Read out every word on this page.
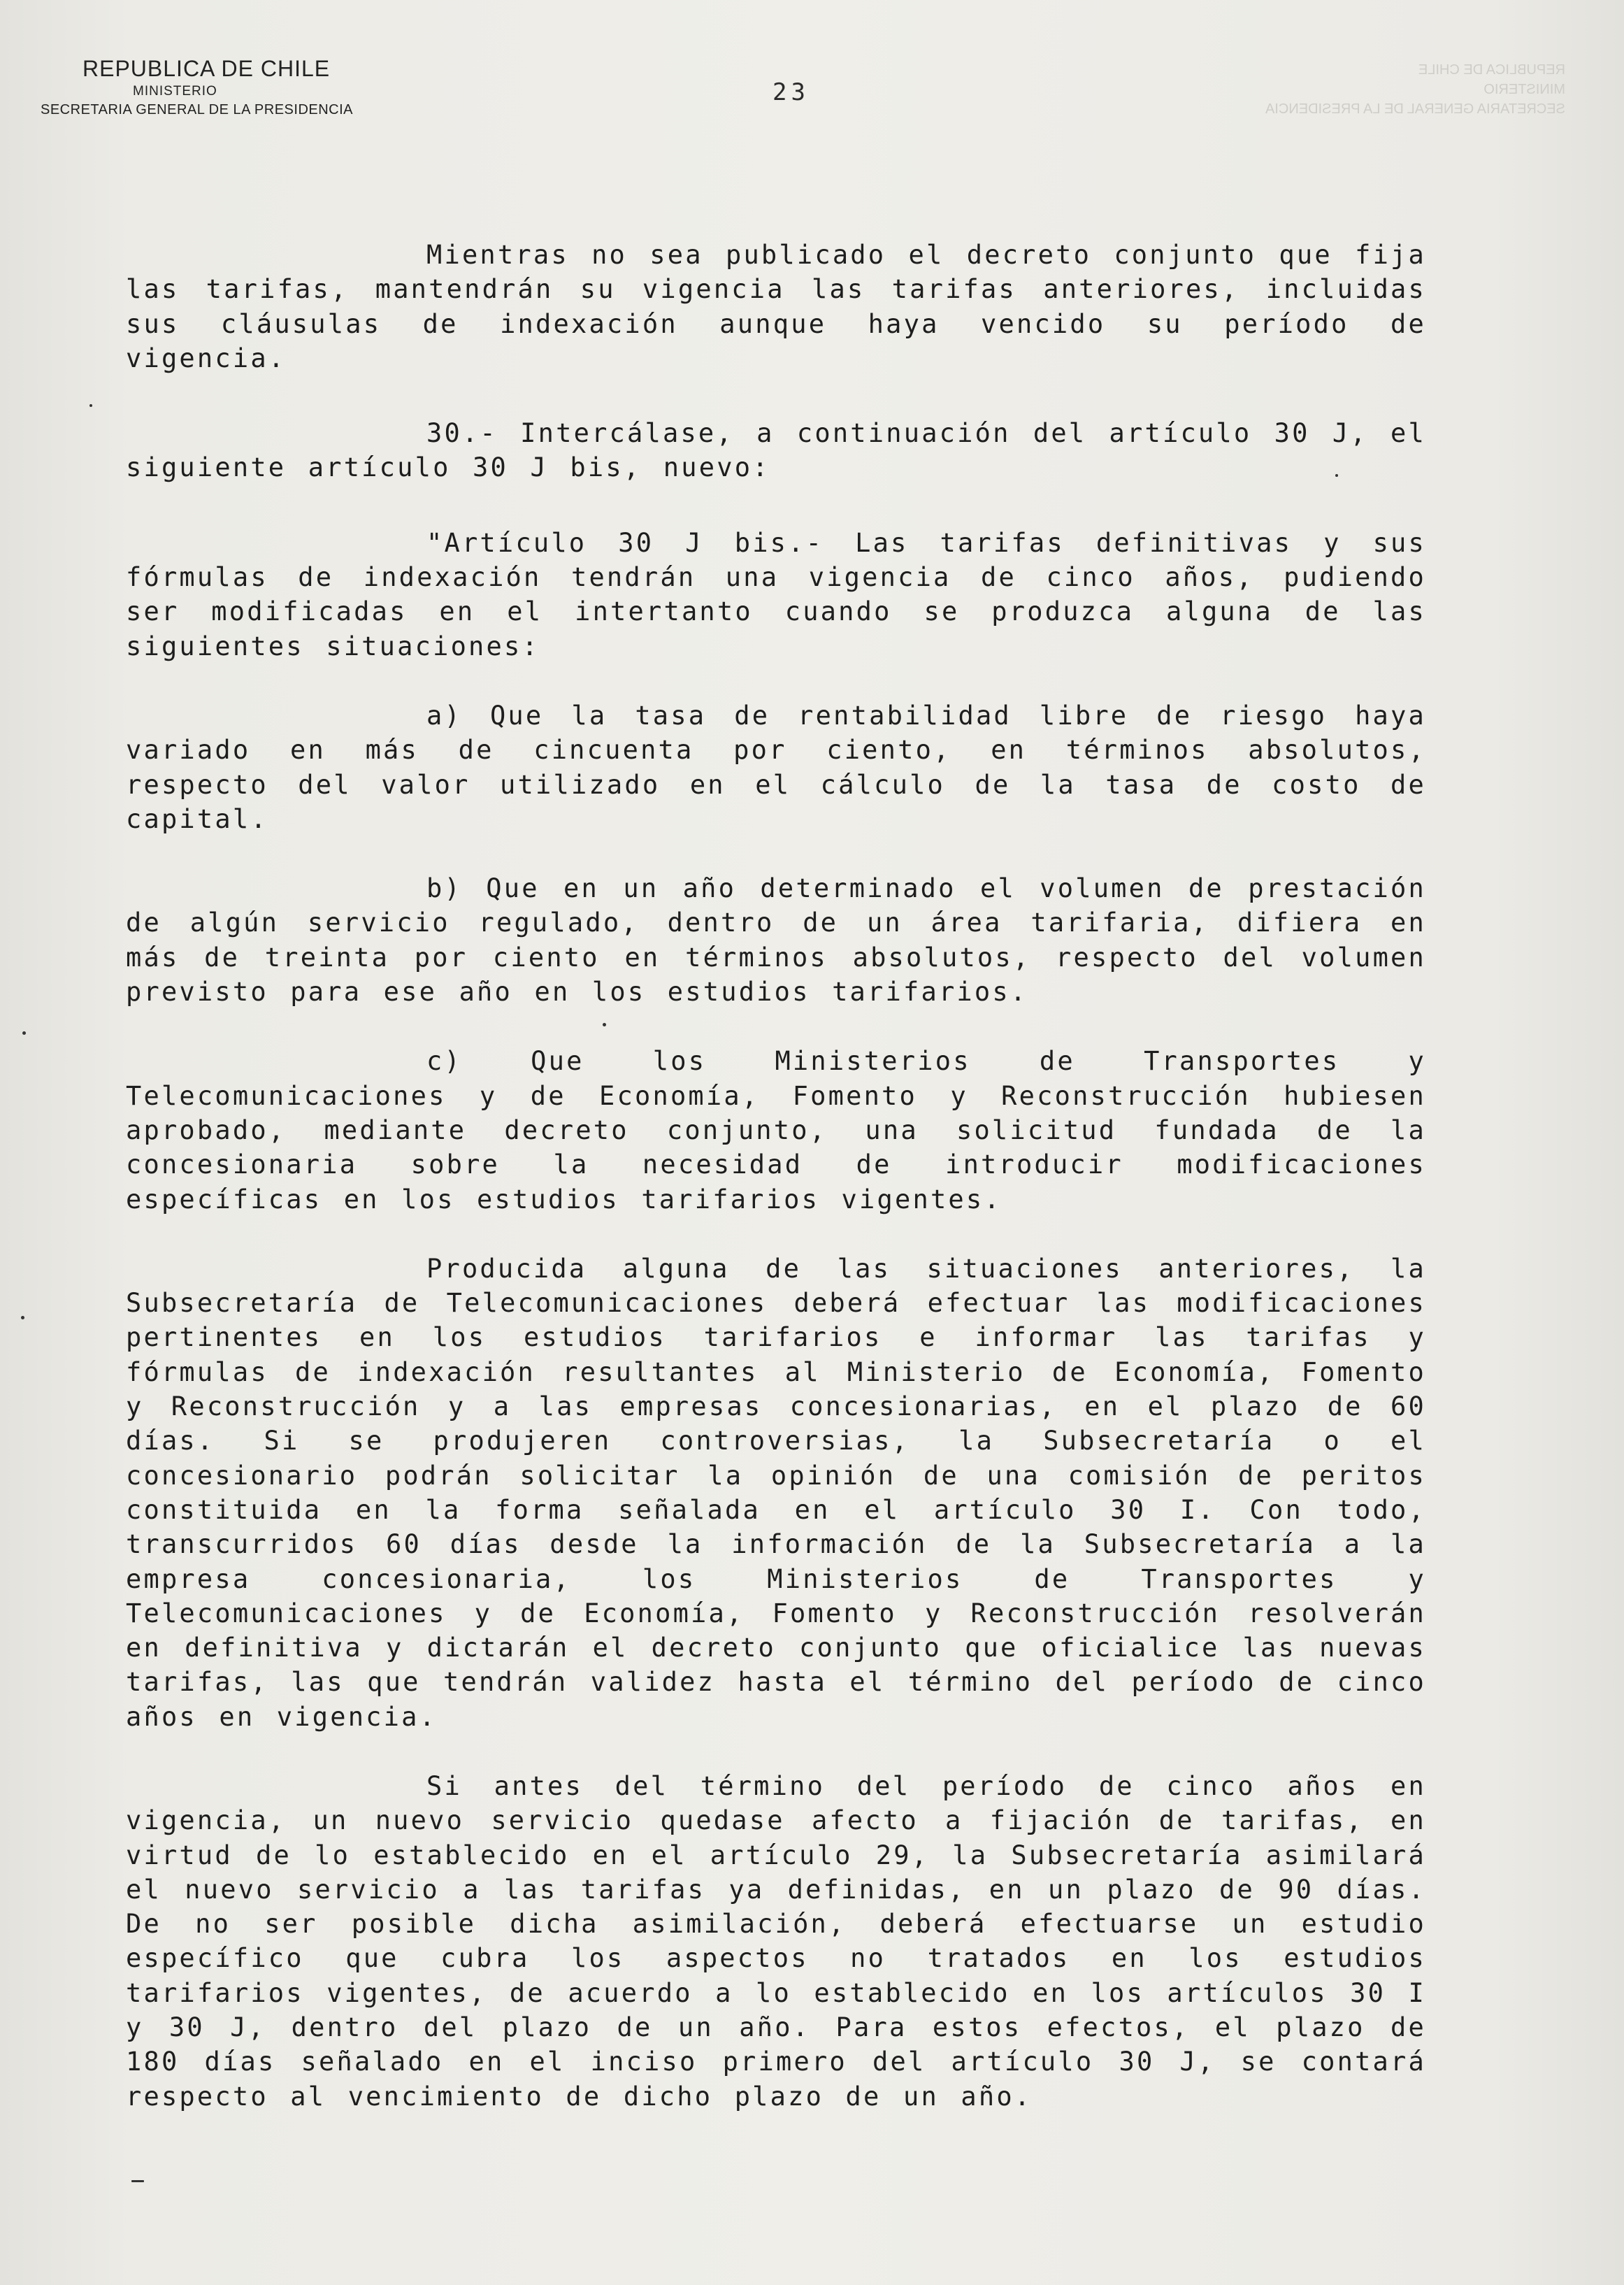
REPUBLICA DE CHILE
MINISTERIO
SECRETARIA GENERAL DE LA PRESIDENCIA
REPUBLICA DE CHILE
MINISTERIO
SECRETARIA GENERAL DE LA PRESIDENCIA
23

Mientras no sea publicado el decreto conjunto que fija las tarifas, mantendrán su vigencia las tarifas anteriores, incluidas sus cláusulas de indexación aunque haya vencido su período de vigencia.

30.- Intercálase, a continuación del artículo 30 J, el siguiente artículo 30 J bis, nuevo:

"Artículo 30 J bis.- Las tarifas definitivas y sus fórmulas de indexación tendrán una vigencia de cinco años, pudiendo ser modificadas en el intertanto cuando se produzca alguna de las siguientes situaciones:

a) Que la tasa de rentabilidad libre de riesgo haya variado en más de cincuenta por ciento, en términos absolutos, respecto del valor utilizado en el cálculo de la tasa de costo de capital.

b) Que en un año determinado el volumen de prestación de algún servicio regulado, dentro de un área tarifaria, difiera en más de treinta por ciento en términos absolutos, respecto del volumen previsto para ese año en los estudios tarifarios.

c) Que los Ministerios de Transportes y Telecomunicaciones y de Economía, Fomento y Reconstrucción hubiesen aprobado, mediante decreto conjunto, una solicitud fundada de la concesionaria sobre la necesidad de introducir modificaciones específicas en los estudios tarifarios vigentes.

Producida alguna de las situaciones anteriores, la Subsecretaría de Telecomunicaciones deberá efectuar las modificaciones pertinentes en los estudios tarifarios e informar las tarifas y fórmulas de indexación resultantes al Ministerio de Economía, Fomento y Reconstrucción y a las empresas concesionarias, en el plazo de 60 días. Si se produjeren controversias, la Subsecretaría o el concesionario podrán solicitar la opinión de una comisión de peritos constituida en la forma señalada en el artículo 30 I. Con todo, transcurridos 60 días desde la información de la Subsecretaría a la empresa concesionaria, los Ministerios de Transportes y Telecomunicaciones y de Economía, Fomento y Reconstrucción resolverán en definitiva y dictarán el decreto conjunto que oficialice las nuevas tarifas, las que tendrán validez hasta el término del período de cinco años en vigencia.

Si antes del término del período de cinco años en vigencia, un nuevo servicio quedase afecto a fijación de tarifas, en virtud de lo establecido en el artículo 29, la Subsecretaría asimilará el nuevo servicio a las tarifas ya definidas, en un plazo de 90 días. De no ser posible dicha asimilación, deberá efectuarse un estudio específico que cubra los aspectos no tratados en los estudios tarifarios vigentes, de acuerdo a lo establecido en los artículos 30 I y 30 J, dentro del plazo de un año. Para estos efectos, el plazo de 180 días señalado en el inciso primero del artículo 30 J, se contará respecto al vencimiento de dicho plazo de un año.
